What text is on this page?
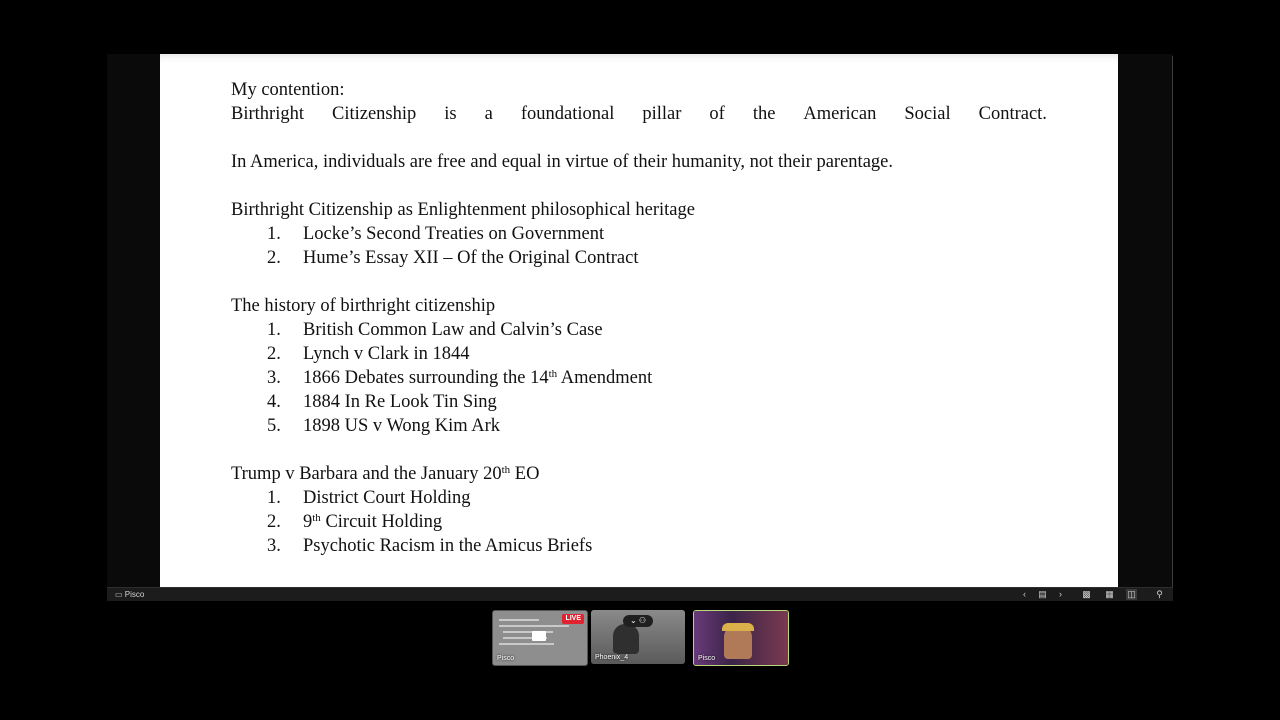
My contention:
Birthright Citizenship is a foundational pillar of the American Social Contract.
In America, individuals are free and equal in virtue of their humanity, not their parentage.
Birthright Citizenship as Enlightenment philosophical heritage
1. Locke’s Second Treaties on Government
2. Hume’s Essay XII – Of the Original Contract
The history of birthright citizenship
1. British Common Law and Calvin’s Case
2. Lynch v Clark in 1844
3. 1866 Debates surrounding the 14th Amendment
4. 1884 In Re Look Tin Sing
5. 1898 US v Wong Kim Ark
Trump v Barbara and the January 20th EO
1. District Court Holding
2. 9th Circuit Holding
3. Psychotic Racism in the Amicus Briefs
▭ Pisco	‹	▤	›	▩ ▦ ◫ ⚲
LIVE
Pisco
⌄ ⚇
Phoenix_4	Pisco
